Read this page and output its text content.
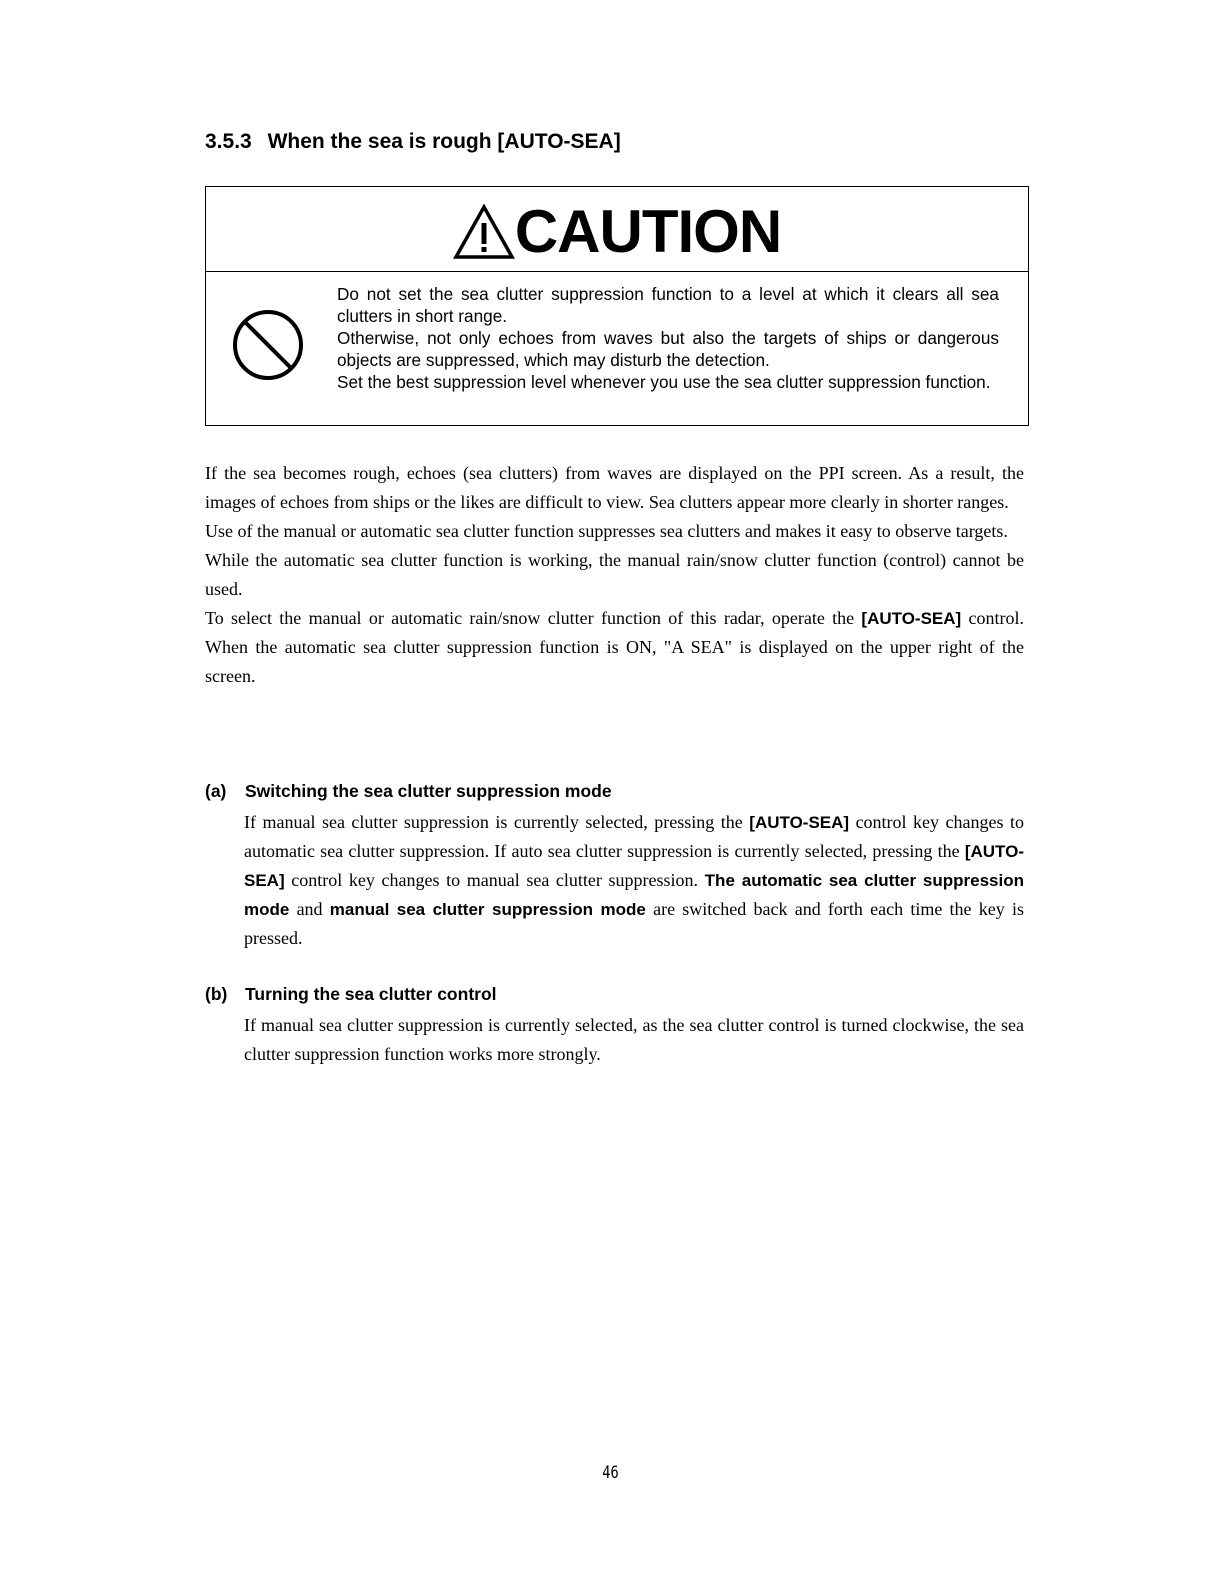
3.5.3 When the sea is rough [AUTO-SEA]
CAUTION

Do not set the sea clutter suppression function to a level at which it clears all sea clutters in short range.

Otherwise, not only echoes from waves but also the targets of ships or dangerous objects are suppressed, which may disturb the detection.

Set the best suppression level whenever you use the sea clutter suppression function.

If the sea becomes rough, echoes (sea clutters) from waves are displayed on the PPI screen. As a result, the images of echoes from ships or the likes are difficult to view. Sea clutters appear more clearly in shorter ranges.

Use of the manual or automatic sea clutter function suppresses sea clutters and makes it easy to observe targets.

While the automatic sea clutter function is working, the manual rain/snow clutter function (control) cannot be used.

To select the manual or automatic rain/snow clutter function of this radar, operate the [AUTO-SEA] control. When the automatic sea clutter suppression function is ON, "A SEA" is displayed on the upper right of the screen.

(a) Switching the sea clutter suppression mode

If manual sea clutter suppression is currently selected, pressing the [AUTO-SEA] control key changes to automatic sea clutter suppression. If auto sea clutter suppression is currently selected, pressing the [AUTO-SEA] control key changes to manual sea clutter suppression. The automatic sea clutter suppression mode and manual sea clutter suppression mode are switched back and forth each time the key is pressed.

(b) Turning the sea clutter control

If manual sea clutter suppression is currently selected, as the sea clutter control is turned clockwise, the sea clutter suppression function works more strongly.

46
